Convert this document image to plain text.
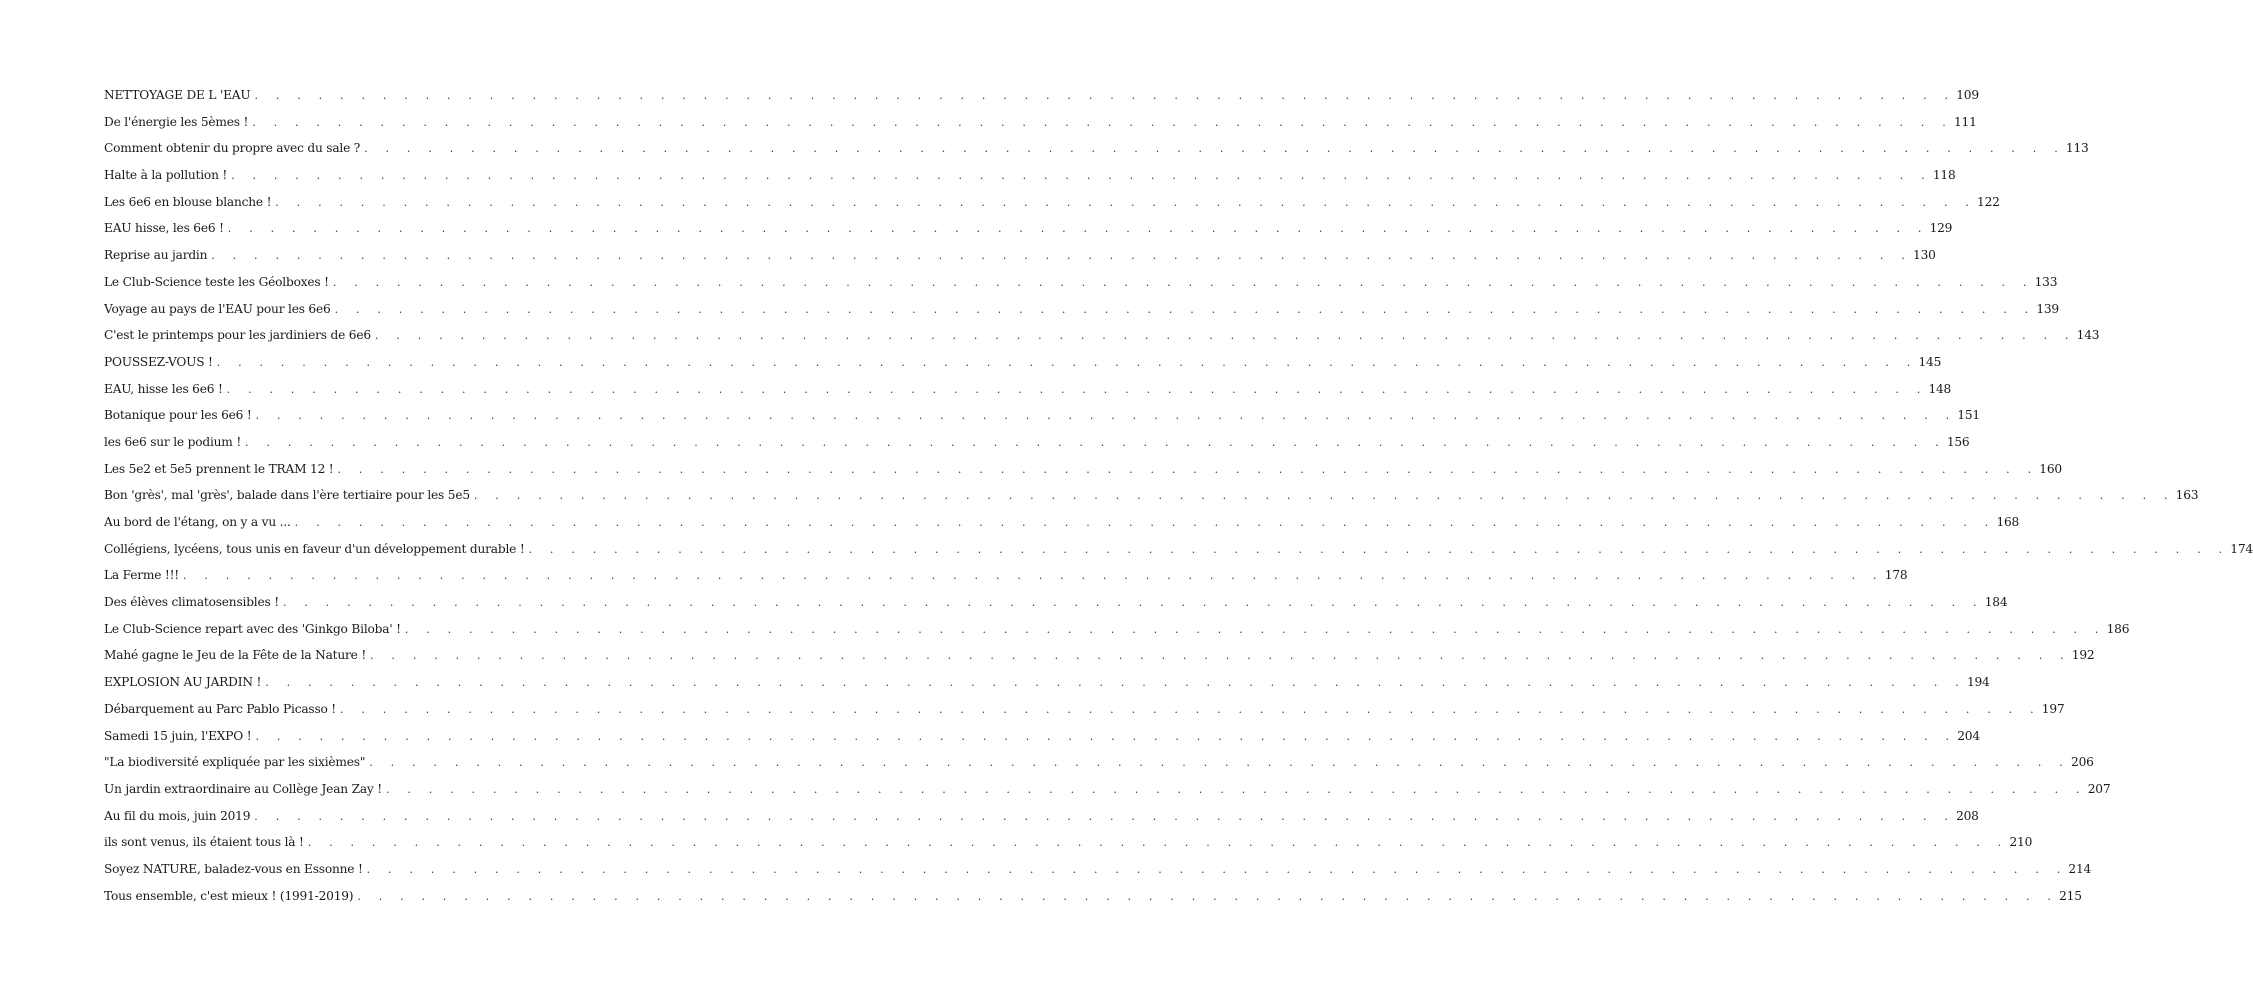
NETTOYAGE DE L 'EAU . . . . . . . . . . . . . . . . . . . . . . . . . . . . . . . . . . . . . . . . . . . . . . . . . . . . . . . . . . . . . . . . . . . . . . . . . . . . . . . . 109
De l'énergie les 5èmes ! . . . . . . . . . . . . . . . . . . . . . . . . . . . . . . . . . . . . . . . . . . . . . . . . . . . . . . . . . . . . . . . . . . . . . . . . . . . . . . . . 111
Comment obtenir du propre avec du sale ? . . . . . . . . . . . . . . . . . . . . . . . . . . . . . . . . . . . . . . . . . . . . . . . . . . . . . . . . . . . . . . . . . . . . . . . . . . . . . . . . 113
Halte à la pollution ! . . . . . . . . . . . . . . . . . . . . . . . . . . . . . . . . . . . . . . . . . . . . . . . . . . . . . . . . . . . . . . . . . . . . . . . . . . . . . . . . 118
Les 6e6 en blouse blanche ! . . . . . . . . . . . . . . . . . . . . . . . . . . . . . . . . . . . . . . . . . . . . . . . . . . . . . . . . . . . . . . . . . . . . . . . . . . . . . . . . 122
EAU hisse, les 6e6 ! . . . . . . . . . . . . . . . . . . . . . . . . . . . . . . . . . . . . . . . . . . . . . . . . . . . . . . . . . . . . . . . . . . . . . . . . . . . . . . . . 129
Reprise au jardin . . . . . . . . . . . . . . . . . . . . . . . . . . . . . . . . . . . . . . . . . . . . . . . . . . . . . . . . . . . . . . . . . . . . . . . . . . . . . . . . 130
Le Club-Science teste les Géolboxes ! . . . . . . . . . . . . . . . . . . . . . . . . . . . . . . . . . . . . . . . . . . . . . . . . . . . . . . . . . . . . . . . . . . . . . . . . . . . . . . . . 133
Voyage au pays de l'EAU pour les 6e6 . . . . . . . . . . . . . . . . . . . . . . . . . . . . . . . . . . . . . . . . . . . . . . . . . . . . . . . . . . . . . . . . . . . . . . . . . . . . . . . . 139
C'est le printemps pour les jardiniers de 6e6 . . . . . . . . . . . . . . . . . . . . . . . . . . . . . . . . . . . . . . . . . . . . . . . . . . . . . . . . . . . . . . . . . . . . . . . . . . . . . . . . 143
POUSSEZ-VOUS ! . . . . . . . . . . . . . . . . . . . . . . . . . . . . . . . . . . . . . . . . . . . . . . . . . . . . . . . . . . . . . . . . . . . . . . . . . . . . . . . . 145
EAU, hisse les 6e6 ! . . . . . . . . . . . . . . . . . . . . . . . . . . . . . . . . . . . . . . . . . . . . . . . . . . . . . . . . . . . . . . . . . . . . . . . . . . . . . . . . 148
Botanique pour les 6e6 ! . . . . . . . . . . . . . . . . . . . . . . . . . . . . . . . . . . . . . . . . . . . . . . . . . . . . . . . . . . . . . . . . . . . . . . . . . . . . . . . . 151
les 6e6 sur le podium ! . . . . . . . . . . . . . . . . . . . . . . . . . . . . . . . . . . . . . . . . . . . . . . . . . . . . . . . . . . . . . . . . . . . . . . . . . . . . . . . . 156
Les 5e2 et 5e5 prennent le TRAM 12 ! . . . . . . . . . . . . . . . . . . . . . . . . . . . . . . . . . . . . . . . . . . . . . . . . . . . . . . . . . . . . . . . . . . . . . . . . . . . . . . . . 160
Bon 'grès', mal 'grès', balade dans l'ère tertiaire pour les 5e5 . . . . . . . . . . . . . . . . . . . . . . . . . . . . . . . . . . . . . . . . . . . . . . . . . . . . . . . . . . . . . . . . . . . . . . . . . . . . . . . . 163
Au bord de l'étang, on y a vu ... . . . . . . . . . . . . . . . . . . . . . . . . . . . . . . . . . . . . . . . . . . . . . . . . . . . . . . . . . . . . . . . . . . . . . . . . . . . . . . . . 168
Collégiens, lycéens, tous unis en faveur d'un développement durable ! . . . . . . . . . . . . . . . . . . . . . . . . . . . . . . . . . . . . . . . . . . . . . . . . . . . . . . . . . . . . . . . . . . . . . . . . . . . . . . . . 174
La Ferme !!! . . . . . . . . . . . . . . . . . . . . . . . . . . . . . . . . . . . . . . . . . . . . . . . . . . . . . . . . . . . . . . . . . . . . . . . . . . . . . . . . 178
Des élèves climatosensibles ! . . . . . . . . . . . . . . . . . . . . . . . . . . . . . . . . . . . . . . . . . . . . . . . . . . . . . . . . . . . . . . . . . . . . . . . . . . . . . . . . 184
Le Club-Science repart avec des 'Ginkgo Biloba' ! . . . . . . . . . . . . . . . . . . . . . . . . . . . . . . . . . . . . . . . . . . . . . . . . . . . . . . . . . . . . . . . . . . . . . . . . . . . . . . . . 186
Mahé gagne le Jeu de la Fête de la Nature ! . . . . . . . . . . . . . . . . . . . . . . . . . . . . . . . . . . . . . . . . . . . . . . . . . . . . . . . . . . . . . . . . . . . . . . . . . . . . . . . . 192
EXPLOSION AU JARDIN ! . . . . . . . . . . . . . . . . . . . . . . . . . . . . . . . . . . . . . . . . . . . . . . . . . . . . . . . . . . . . . . . . . . . . . . . . . . . . . . . . 194
Débarquement au Parc Pablo Picasso ! . . . . . . . . . . . . . . . . . . . . . . . . . . . . . . . . . . . . . . . . . . . . . . . . . . . . . . . . . . . . . . . . . . . . . . . . . . . . . . . . 197
Samedi 15 juin, l'EXPO ! . . . . . . . . . . . . . . . . . . . . . . . . . . . . . . . . . . . . . . . . . . . . . . . . . . . . . . . . . . . . . . . . . . . . . . . . . . . . . . . . 204
"La biodiversité expliquée par les sixièmes" . . . . . . . . . . . . . . . . . . . . . . . . . . . . . . . . . . . . . . . . . . . . . . . . . . . . . . . . . . . . . . . . . . . . . . . . . . . . . . . . 206
Un jardin extraordinaire au Collège Jean Zay ! . . . . . . . . . . . . . . . . . . . . . . . . . . . . . . . . . . . . . . . . . . . . . . . . . . . . . . . . . . . . . . . . . . . . . . . . . . . . . . . . 207
Au fil du mois, juin 2019 . . . . . . . . . . . . . . . . . . . . . . . . . . . . . . . . . . . . . . . . . . . . . . . . . . . . . . . . . . . . . . . . . . . . . . . . . . . . . . . . 208
ils sont venus, ils étaient tous là ! . . . . . . . . . . . . . . . . . . . . . . . . . . . . . . . . . . . . . . . . . . . . . . . . . . . . . . . . . . . . . . . . . . . . . . . . . . . . . . . . 210
Soyez NATURE, baladez-vous en Essonne ! . . . . . . . . . . . . . . . . . . . . . . . . . . . . . . . . . . . . . . . . . . . . . . . . . . . . . . . . . . . . . . . . . . . . . . . . . . . . . . . . 214
Tous ensemble, c'est mieux ! (1991-2019) . . . . . . . . . . . . . . . . . . . . . . . . . . . . . . . . . . . . . . . . . . . . . . . . . . . . . . . . . . . . . . . . . . . . . . . . . . . . . . . . 215
